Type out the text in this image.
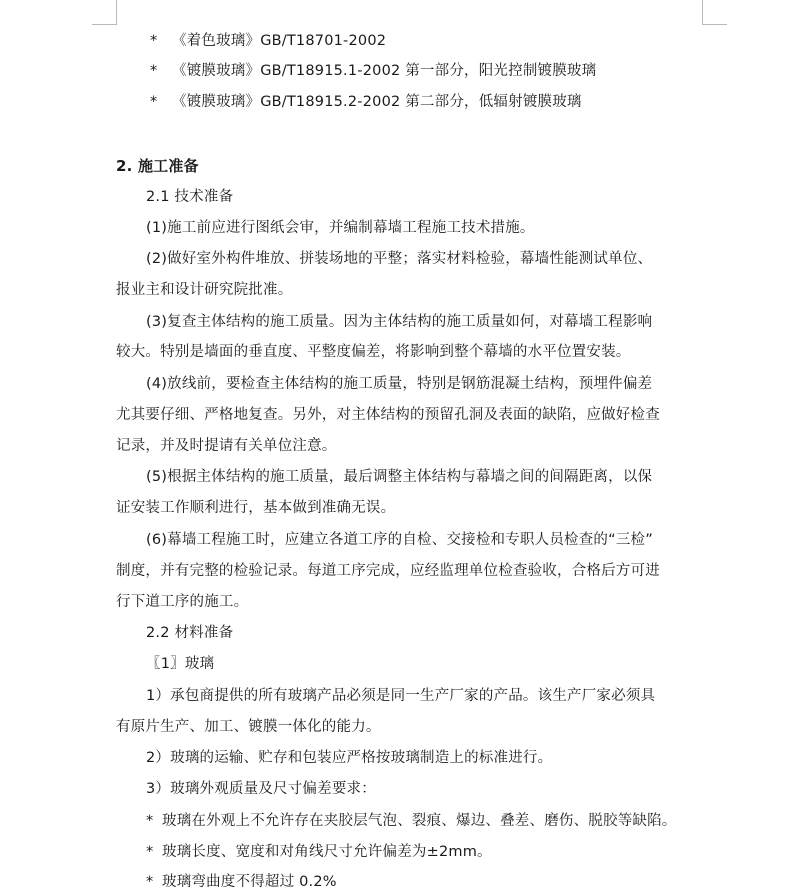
* 《着色玻璃》GB/T18701-2002
* 《镀膜玻璃》GB/T18915.1-2002 第一部分，阳光控制镀膜玻璃
* 《镀膜玻璃》GB/T18915.2-2002 第二部分，低辐射镀膜玻璃
2. 施工准备
2.1 技术准备
(1)施工前应进行图纸会审，并编制幕墙工程施工技术措施。
(2)做好室外构件堆放、拼装场地的平整；落实材料检验，幕墙性能测试单位、
报业主和设计研究院批准。
(3)复查主体结构的施工质量。因为主体结构的施工质量如何，对幕墙工程影响
较大。特别是墙面的垂直度、平整度偏差，将影响到整个幕墙的水平位置安装。
(4)放线前，要检查主体结构的施工质量，特别是钢筋混凝土结构，预埋件偏差
尤其要仔细、严格地复查。另外，对主体结构的预留孔洞及表面的缺陷，应做好检查
记录，并及时提请有关单位注意。
(5)根据主体结构的施工质量，最后调整主体结构与幕墙之间的间隔距离，以保
证安装工作顺利进行，基本做到准确无误。
(6)幕墙工程施工时，应建立各道工序的自检、交接检和专职人员检查的“三检”
制度，并有完整的检验记录。每道工序完成，应经监理单位检查验收，合格后方可进
行下道工序的施工。
2.2 材料准备
〖1〗玻璃
1）承包商提供的所有玻璃产品必须是同一生产厂家的产品。该生产厂家必须具
有原片生产、加工、镀膜一体化的能力。
2）玻璃的运输、贮存和包装应严格按玻璃制造上的标准进行。
3）玻璃外观质量及尺寸偏差要求：
* 玻璃在外观上不允许存在夹胶层气泡、裂痕、爆边、叠差、磨伤、脱胶等缺陷。
* 玻璃长度、宽度和对角线尺寸允许偏差为±2mm。
* 玻璃弯曲度不得超过 0.2%
